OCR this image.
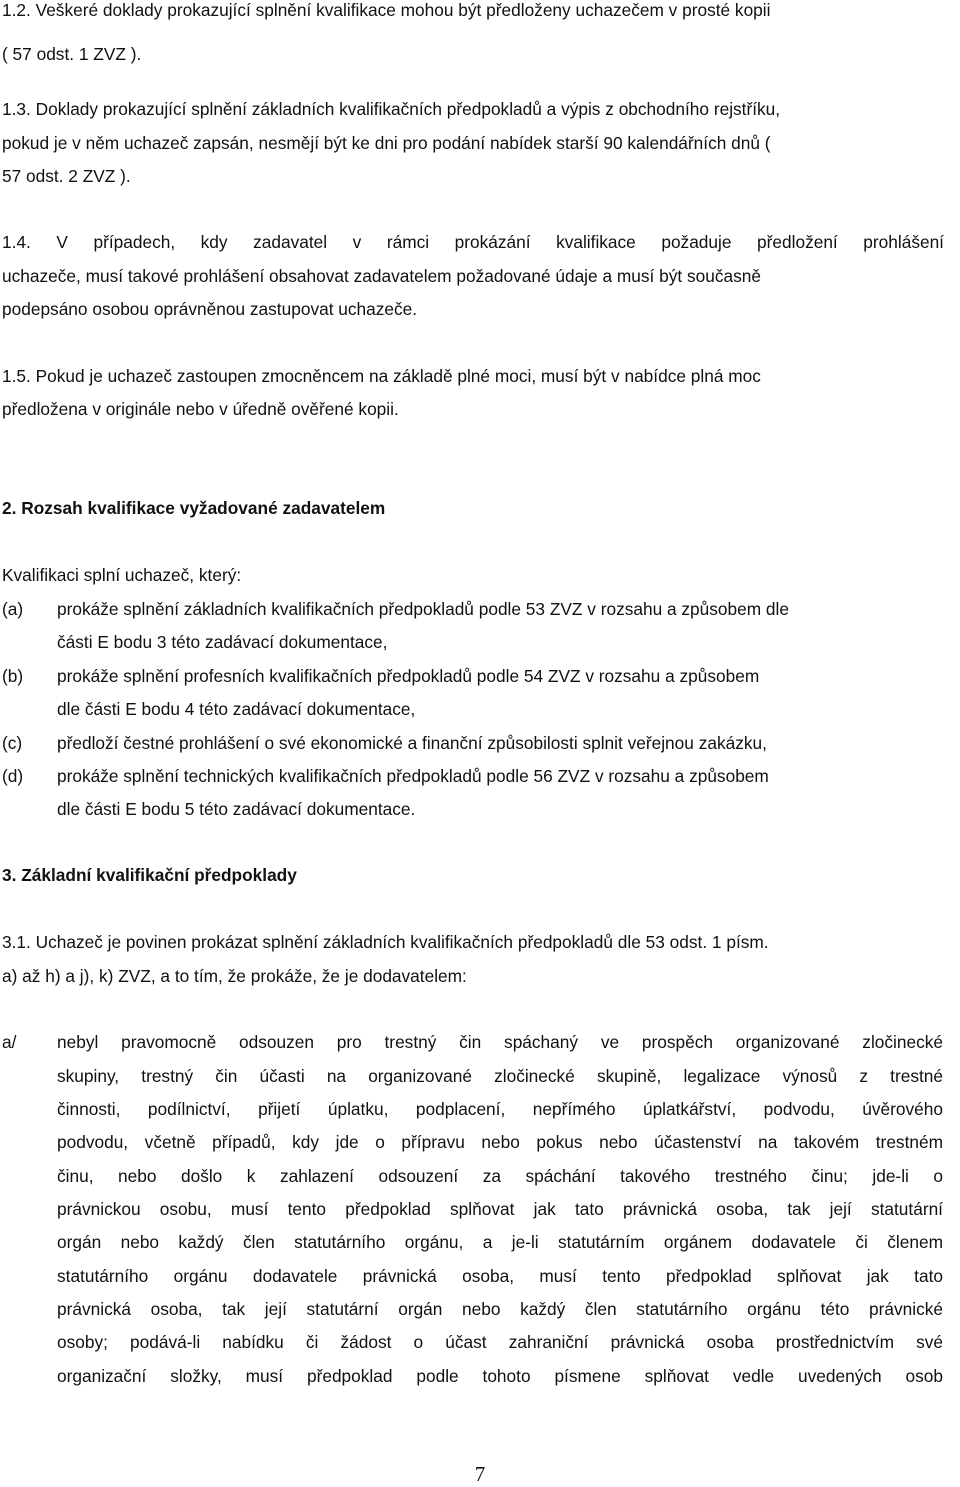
1.2. Veškeré doklady prokazující splnění kvalifikace mohou být předloženy uchazečem v prosté kopii
( 57 odst. 1 ZVZ ).
1.3. Doklady prokazující splnění základních kvalifikačních předpokladů a výpis z obchodního rejstříku,
pokud je v něm uchazeč zapsán, nesmějí být ke dni pro podání nabídek starší 90 kalendářních dnů (
57 odst. 2 ZVZ ).
1.4. V případech, kdy zadavatel v rámci prokázání kvalifikace požaduje předložení prohlášení
uchazeče, musí takové prohlášení obsahovat zadavatelem požadované údaje a musí být současně
podepsáno osobou oprávněnou zastupovat uchazeče.
1.5. Pokud je uchazeč zastoupen zmocněncem na základě plné moci, musí být v nabídce plná moc
předložena v originále nebo v úředně ověřené kopii.
2. Rozsah kvalifikace vyžadované zadavatelem
Kvalifikaci splní uchazeč, který:
(a) prokáže splnění základních kvalifikačních předpokladů podle 53 ZVZ v rozsahu a způsobem dle
části E bodu 3 této zadávací dokumentace,
(b) prokáže splnění profesních kvalifikačních předpokladů podle 54 ZVZ v rozsahu a způsobem
dle části E bodu 4 této zadávací dokumentace,
(c) předloží čestné prohlášení o své ekonomické a finanční způsobilosti splnit veřejnou zakázku,
(d) prokáže splnění technických kvalifikačních předpokladů podle 56 ZVZ v rozsahu a způsobem
dle části E bodu 5 této zadávací dokumentace.
3. Základní kvalifikační předpoklady
3.1. Uchazeč je povinen prokázat splnění základních kvalifikačních předpokladů dle 53 odst. 1 písm.
a) až h) a j), k) ZVZ, a to tím, že prokáže, že je dodavatelem:
a/ nebyl pravomocně odsouzen pro trestný čin spáchaný ve prospěch organizované zločinecké
skupiny, trestný čin účasti na organizované zločinecké skupině, legalizace výnosů z trestné
činnosti, podílnictví, přijetí úplatku, podplacení, nepřímého úplatkářství, podvodu, úvěrového
podvodu, včetně případů, kdy jde o přípravu nebo pokus nebo účastenství na takovém trestném
činu, nebo došlo k zahlazení odsouzení za spáchání takového trestného činu; jde-li o
právnickou osobu, musí tento předpoklad splňovat jak tato právnická osoba, tak její statutární
orgán nebo každý člen statutárního orgánu, a je-li statutárním orgánem dodavatele či členem
statutárního orgánu dodavatele právnická osoba, musí tento předpoklad splňovat jak tato
právnická osoba, tak její statutární orgán nebo každý člen statutárního orgánu této právnické
osoby; podává-li nabídku či žádost o účast zahraniční právnická osoba prostřednictvím své
organizační složky, musí předpoklad podle tohoto písmene splňovat vedle uvedených osob
7
